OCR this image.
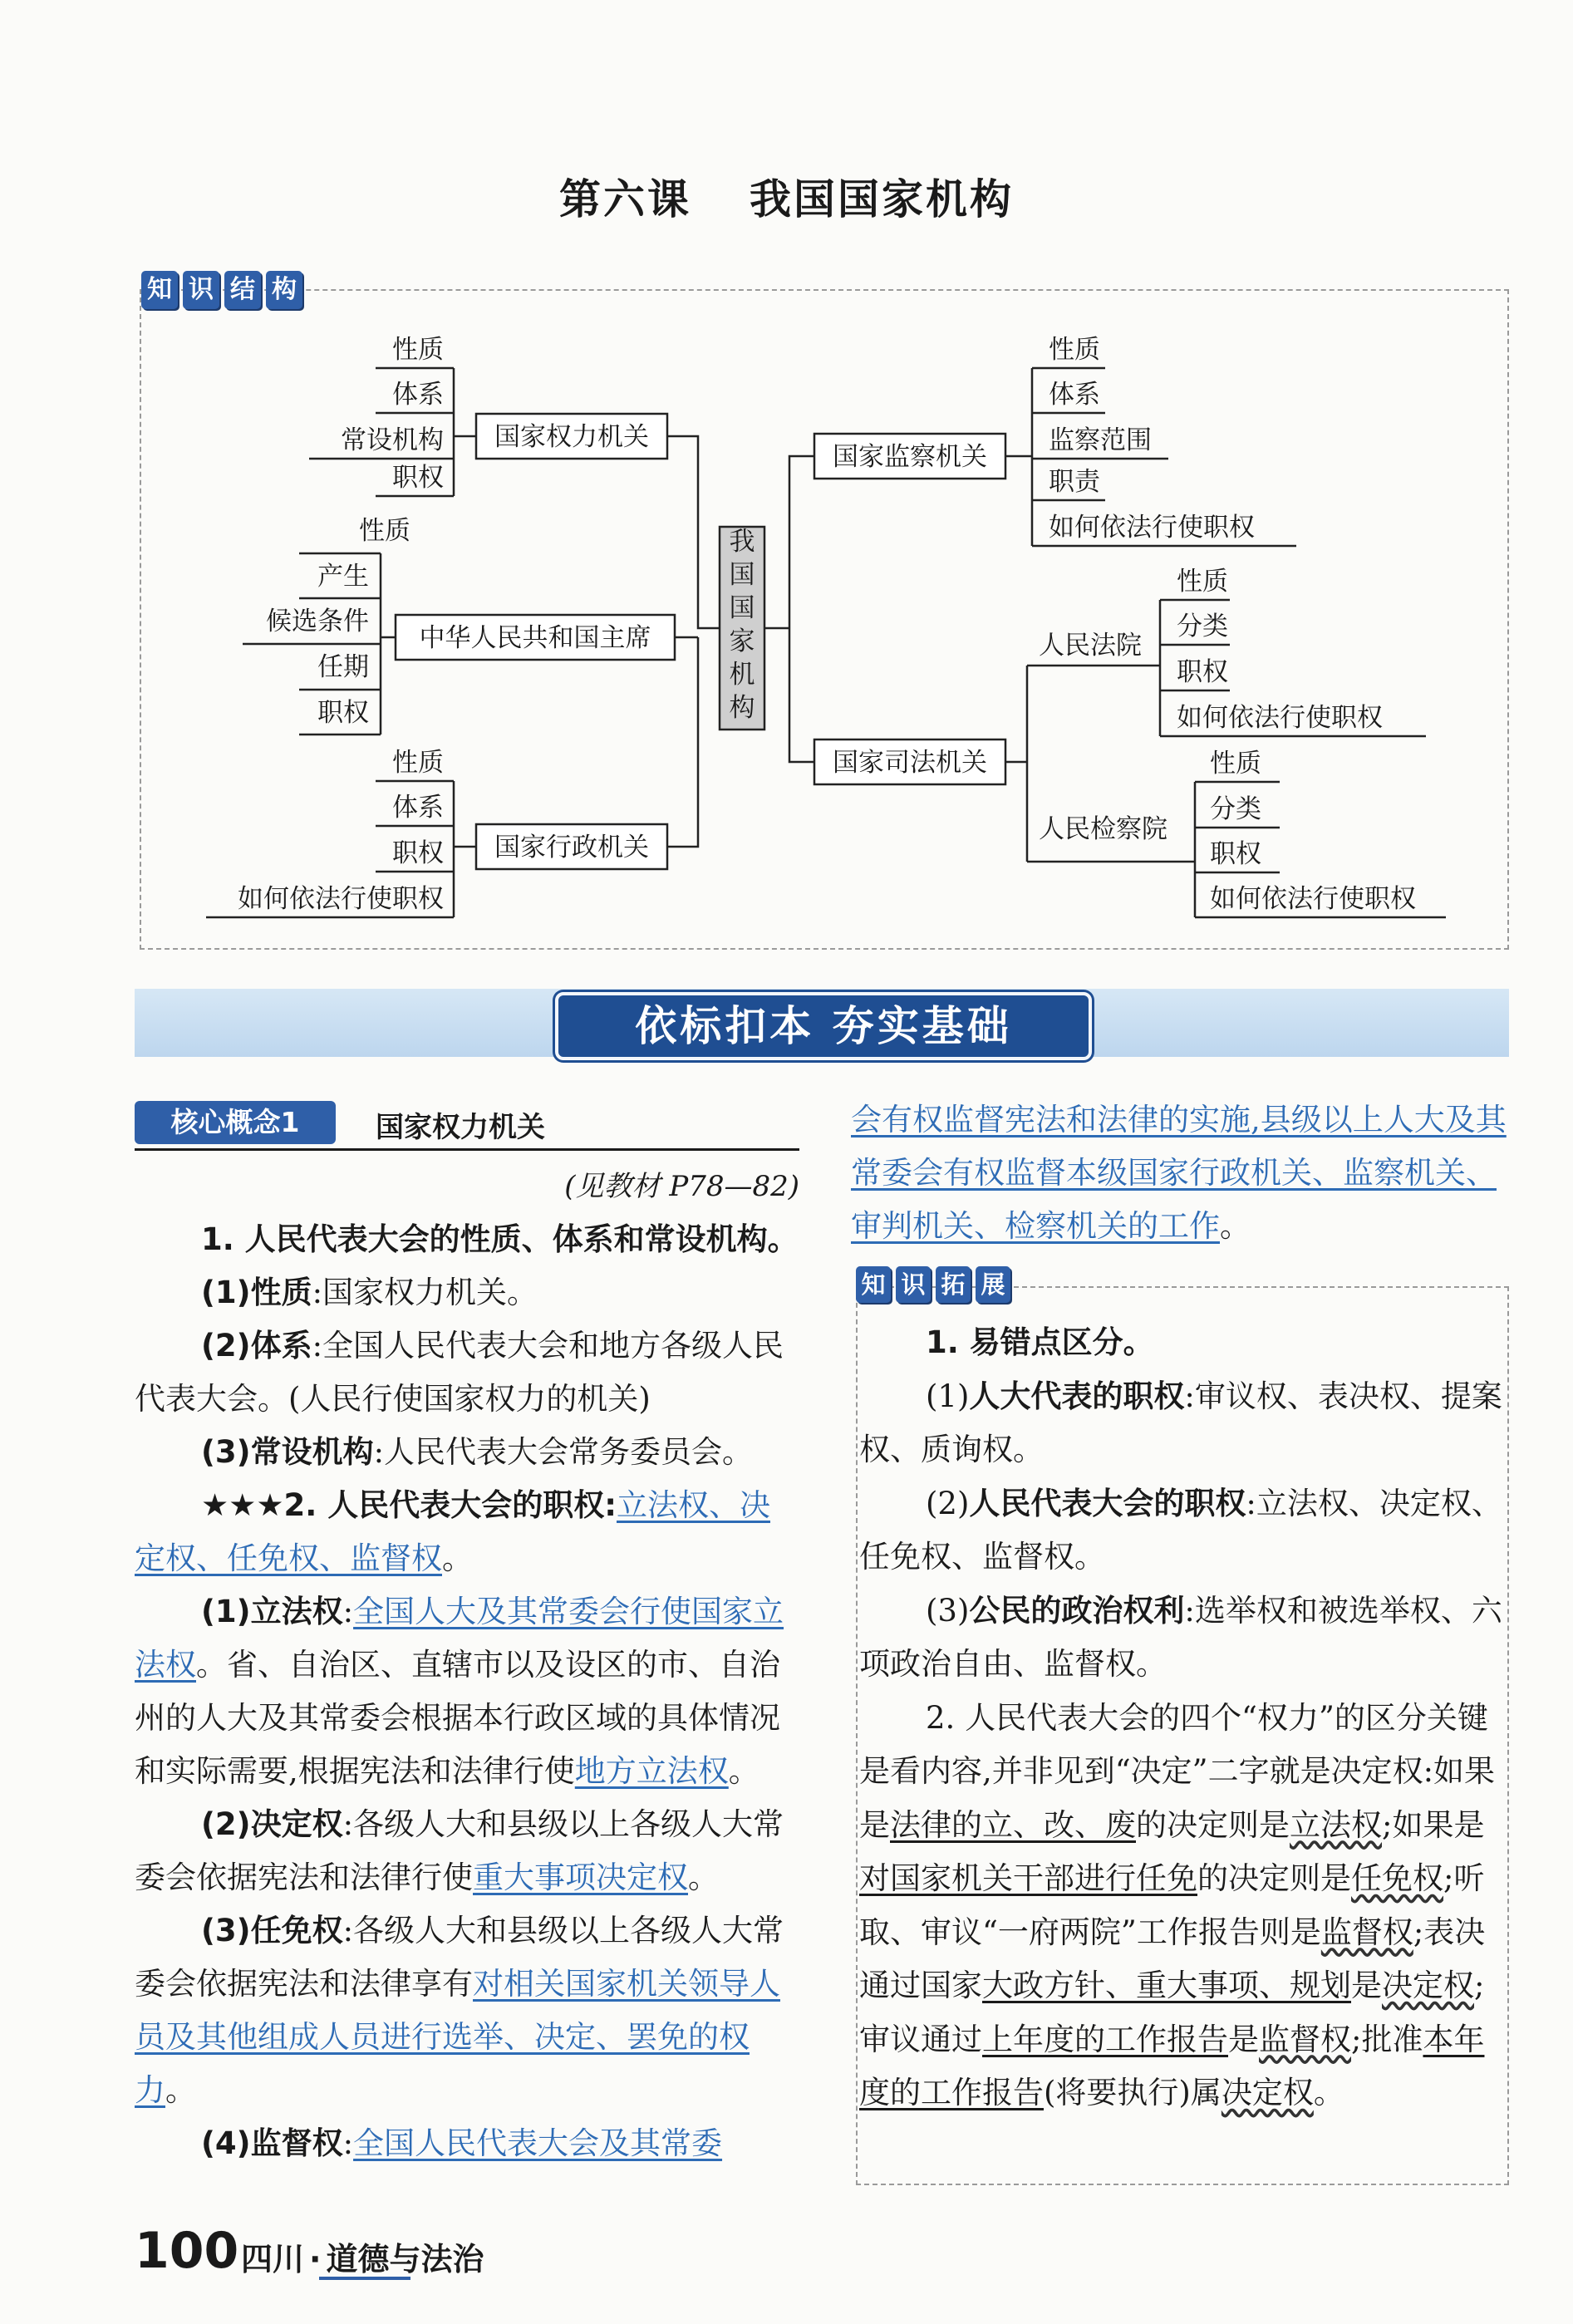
第六课 我国国家机构
知 识 结 构
我
国
国
家
机
构
国家权力机关
中华人民共和国主席
国家行政机关
国家监察机关
国家司法机关
性质
体系
常设机构
职权
性质
产生
候选条件
任期
职权
性质
体系
职权
如何依法行使职权
性质
体系
监察范围
职责
如何依法行使职权
人民法院
人民检察院
性质
分类
职权
如何依法行使职权
性质
分类
职权
如何依法行使职权
依标扣本 夯实基础
核心概念1	国家权力机关
(见教材 P78—82)

1. 人民代表大会的性质、体系和常设机构。

(1)性质:国家权力机关。

(2)体系:全国人民代表大会和地方各级人民代表大会。(人民行使国家权力的机关)

(3)常设机构:人民代表大会常务委员会。

★★★2. 人民代表大会的职权:立法权、决定权、任免权、监督权。

(1)立法权:全国人大及其常委会行使国家立法权。省、自治区、直辖市以及设区的市、自治州的人大及其常委会根据本行政区域的具体情况和实际需要,根据宪法和法律行使地方立法权。

(2)决定权:各级人大和县级以上各级人大常委会依据宪法和法律行使重大事项决定权。

(3)任免权:各级人大和县级以上各级人大常委会依据宪法和法律享有对相关国家机关领导人员及其他组成人员进行选举、决定、罢免的权力。

(4)监督权:全国人民代表大会及其常委

会有权监督宪法和法律的实施,县级以上人大及其常委会有权监督本级国家行政机关、监察机关、审判机关、检察机关的工作。

知 识 拓 展

1. 易错点区分。

(1)人大代表的职权:审议权、表决权、提案权、质询权。

(2)人民代表大会的职权:立法权、决定权、任免权、监督权。

(3)公民的政治权利:选举权和被选举权、六项政治自由、监督权。

2. 人民代表大会的四个“权力”的区分关键是看内容,并非见到“决定”二字就是决定权:如果是法律的立、改、废的决定则是立法权;如果是对国家机关干部进行任免的决定则是任免权;听取、审议“一府两院”工作报告则是监督权;表决通过国家大政方针、重大事项、规划是决定权;审议通过上年度的工作报告是监督权;批准本年度的工作报告(将要执行)属决定权。

100 四川 · 道德与法治
